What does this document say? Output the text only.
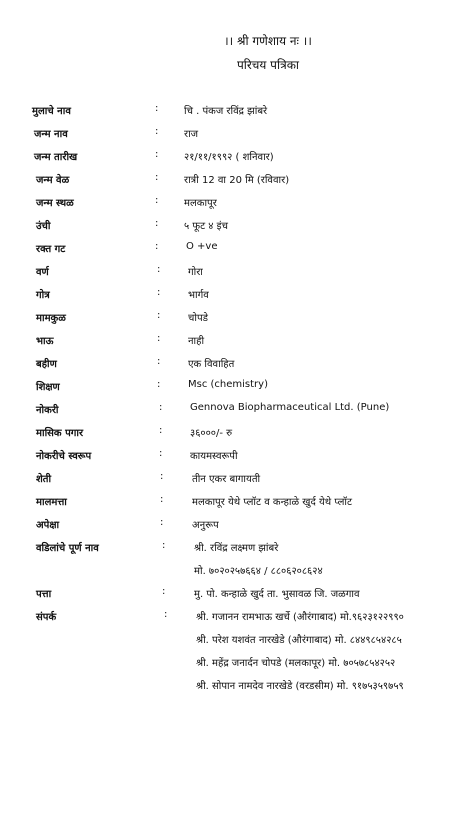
।। श्री गणेशाय नः ।।
परिचय पत्रिका
मुलाचे नाव	:	चि . पंकज रविंद्र झांबरे
जन्म नाव	:	राज
जन्म तारीख	:	२१/११/१९९२ ( शनिवार)
जन्म वेळ	:	रात्री 12 वा 20 मि (रविवार)
जन्म स्थळ	:	मलकापूर
उंची	:	५ फूट ४ इंच
रक्त गट	:	O +ve
वर्ण	:	गोरा
गोत्र	:	भार्गव
मामकुळ	:	चोपडे
भाऊ	:	नाही
बहीण	:	एक विवाहित
शिक्षण	:	Msc (chemistry)
नोकरी	:	Gennova Biopharmaceutical Ltd. (Pune)
मासिक पगार	:	३६०००/- रु
नोकरीचे स्वरूप	:	कायमस्वरूपी
शेती	:	तीन एकर बागायती
मालमत्ता	:	मलकापूर येथे प्लॉट व कन्हाळे खुर्द येथे प्लॉट
अपेक्षा	:	अनुरूप
वडिलांचे पूर्ण नाव	:	श्री. रविंद्र लक्ष्मण झांबरे
मो. ७०२०२५७६६४ / ८८०६२०८६२४
पत्ता	:	मु. पो. कन्हाळे खुर्द ता. भुसावळ जि. जळगाव
संपर्क	:	श्री. गजानन रामभाऊ खर्चे (औरंगाबाद) मो.९६२३१२२९९०
श्री. परेश यशवंत नारखेडे (औरंगाबाद) मो. ८४४९८५४२८५
श्री. महेंद्र जनार्दन चोपडे (मलकापूर) मो. ७०५७८५४२५२
श्री. सोपान नामदेव नारखेडे (वरडसीम) मो. ९१७५३५९७५९
